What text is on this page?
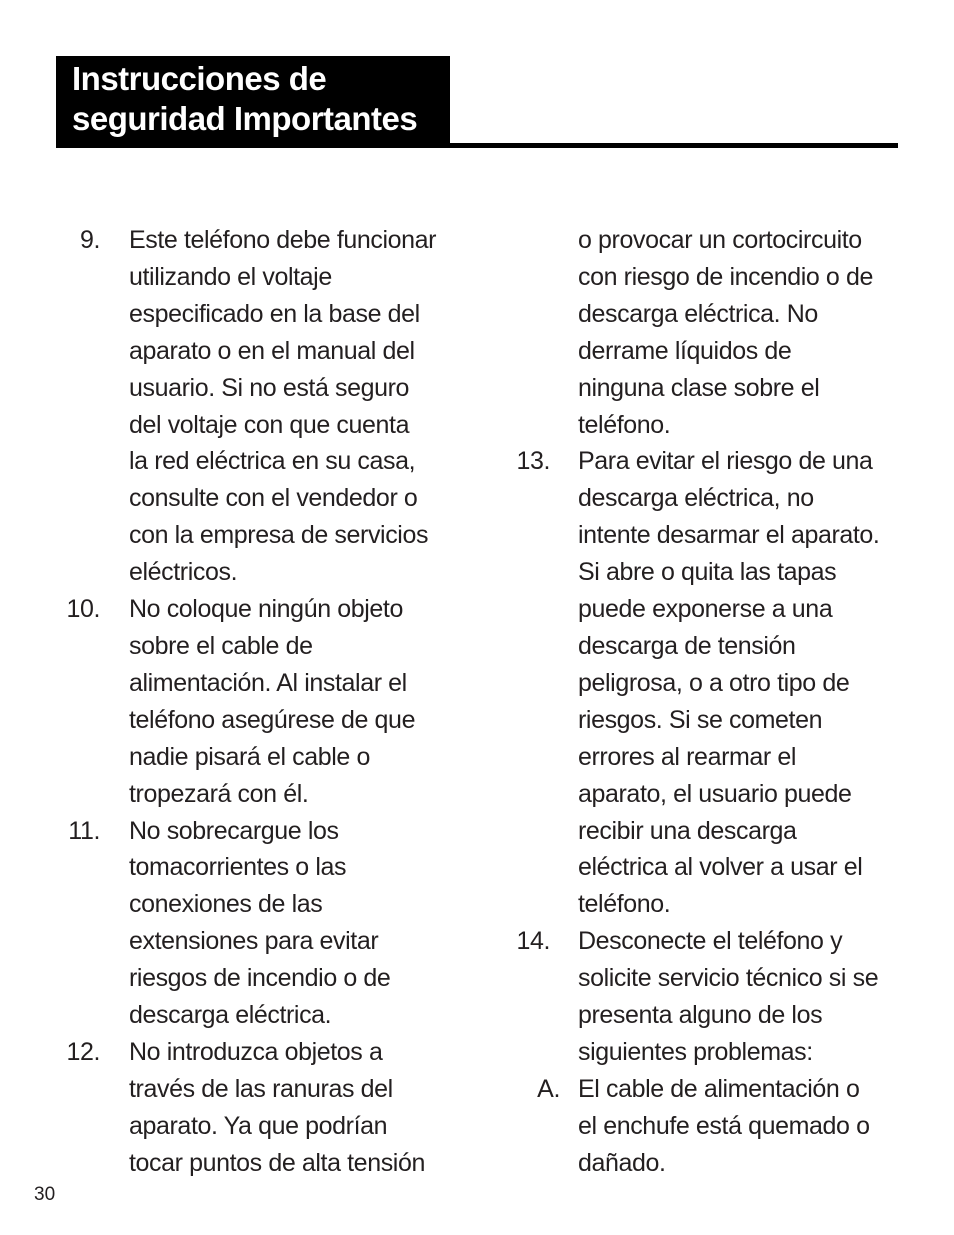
Instrucciones de
seguridad Importantes
9. Este teléfono debe funcionar
utilizando el voltaje
especificado en la base del
aparato o en el manual del
usuario. Si no está seguro
del voltaje con que cuenta
la red eléctrica en su casa,
consulte con el vendedor o
con la empresa de servicios
eléctricos.
10. No coloque ningún objeto
sobre el cable de
alimentación. Al instalar el
teléfono asegúrese de que
nadie pisará el cable o
tropezará con él.
11. No sobrecargue los
tomacorrientes o las
conexiones de las
extensiones para evitar
riesgos de incendio o de
descarga eléctrica.
12. No introduzca objetos a
través de las ranuras del
aparato. Ya que podrían
tocar puntos de alta tensión
o provocar un cortocircuito
con riesgo de incendio o de
descarga eléctrica. No
derrame líquidos de
ninguna clase sobre el
teléfono.
13. Para evitar el riesgo de una
descarga eléctrica, no
intente desarmar el aparato.
Si abre o quita las tapas
puede exponerse a una
descarga de tensión
peligrosa, o a otro tipo de
riesgos. Si se cometen
errores al rearmar el
aparato, el usuario puede
recibir una descarga
eléctrica al volver a usar el
teléfono.
14. Desconecte el teléfono y
solicite servicio técnico si se
presenta alguno de los
siguientes problemas:
A. El cable de alimentación o
el enchufe está quemado o
dañado.
30
